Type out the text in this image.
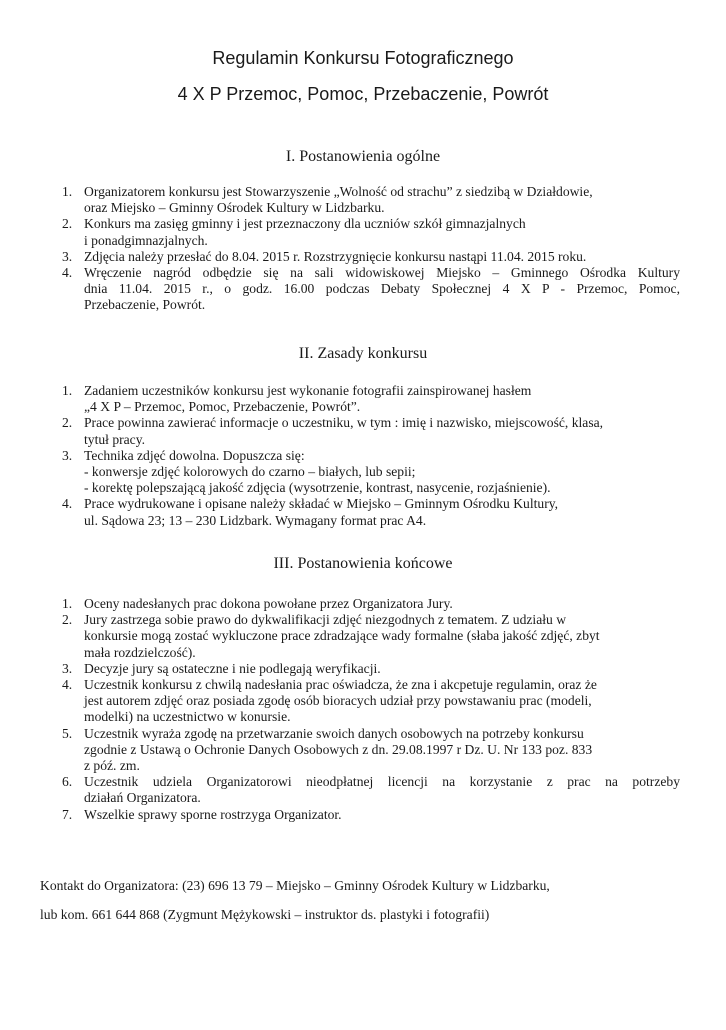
Regulamin Konkursu Fotograficznego
4 X P Przemoc, Pomoc, Przebaczenie, Powrót
I. Postanowienia ogólne
1. Organizatorem konkursu jest Stowarzyszenie „Wolność od strachu” z siedzibą w Działdowie,
oraz Miejsko – Gminny Ośrodek Kultury w Lidzbarku.
2. Konkurs ma zasięg gminny i jest przeznaczony dla uczniów szkół gimnazjalnych
i ponadgimnazjalnych.
3. Zdjęcia należy przesłać do 8.04. 2015 r. Rozstrzygnięcie konkursu nastąpi 11.04. 2015 roku.
4. Wręczenie nagród odbędzie się na sali widowiskowej Miejsko – Gminnego Ośrodka Kultury
dnia 11.04. 2015 r., o godz. 16.00 podczas Debaty Społecznej 4 X P - Przemoc, Pomoc,
Przebaczenie, Powrót.
II. Zasady konkursu
1. Zadaniem uczestników konkursu jest wykonanie fotografii zainspirowanej hasłem
„4 X P – Przemoc, Pomoc, Przebaczenie, Powrót”.
2. Prace powinna zawierać informacje o uczestniku, w tym : imię i nazwisko, miejscowość, klasa,
tytuł pracy.
3. Technika zdjęć dowolna. Dopuszcza się:
- konwersje zdjęć kolorowych do czarno – białych, lub sepii;
- korektę polepszającą jakość zdjęcia (wysotrzenie, kontrast, nasycenie, rozjaśnienie).
4. Prace wydrukowane i opisane należy składać w Miejsko – Gminnym Ośrodku Kultury,
ul. Sądowa 23; 13 – 230 Lidzbark. Wymagany format prac A4.
III. Postanowienia końcowe
1. Oceny nadesłanych prac dokona powołane przez Organizatora Jury.
2. Jury zastrzega sobie prawo do dykwalifikacji zdjęć niezgodnych z tematem. Z udziału w
konkursie mogą zostać wykluczone prace zdradzające wady formalne (słaba jakość zdjęć, zbyt
mała rozdzielczość).
3. Decyzje jury są ostateczne i nie podlegają weryfikacji.
4. Uczestnik konkursu z chwilą nadesłania prac oświadcza, że zna i akcpetuje regulamin, oraz że
jest autorem zdjęć oraz posiada zgodę osób bioracych udział przy powstawaniu prac (modeli,
modelki) na uczestnictwo w konursie.
5. Uczestnik wyraża zgodę na przetwarzanie swoich danych osobowych na potrzeby konkursu
zgodnie z Ustawą o Ochronie Danych Osobowych z dn. 29.08.1997 r Dz. U. Nr 133 poz. 833
z póź. zm.
6. Uczestnik udziela Organizatorowi nieodpłatnej licencji na korzystanie z prac na potrzeby
działań Organizatora.
7. Wszelkie sprawy sporne rostrzyga Organizator.
Kontakt do Organizatora: (23) 696 13 79 – Miejsko – Gminny Ośrodek Kultury w Lidzbarku,
lub kom. 661 644 868 (Zygmunt Mężykowski – instruktor ds. plastyki i fotografii)
